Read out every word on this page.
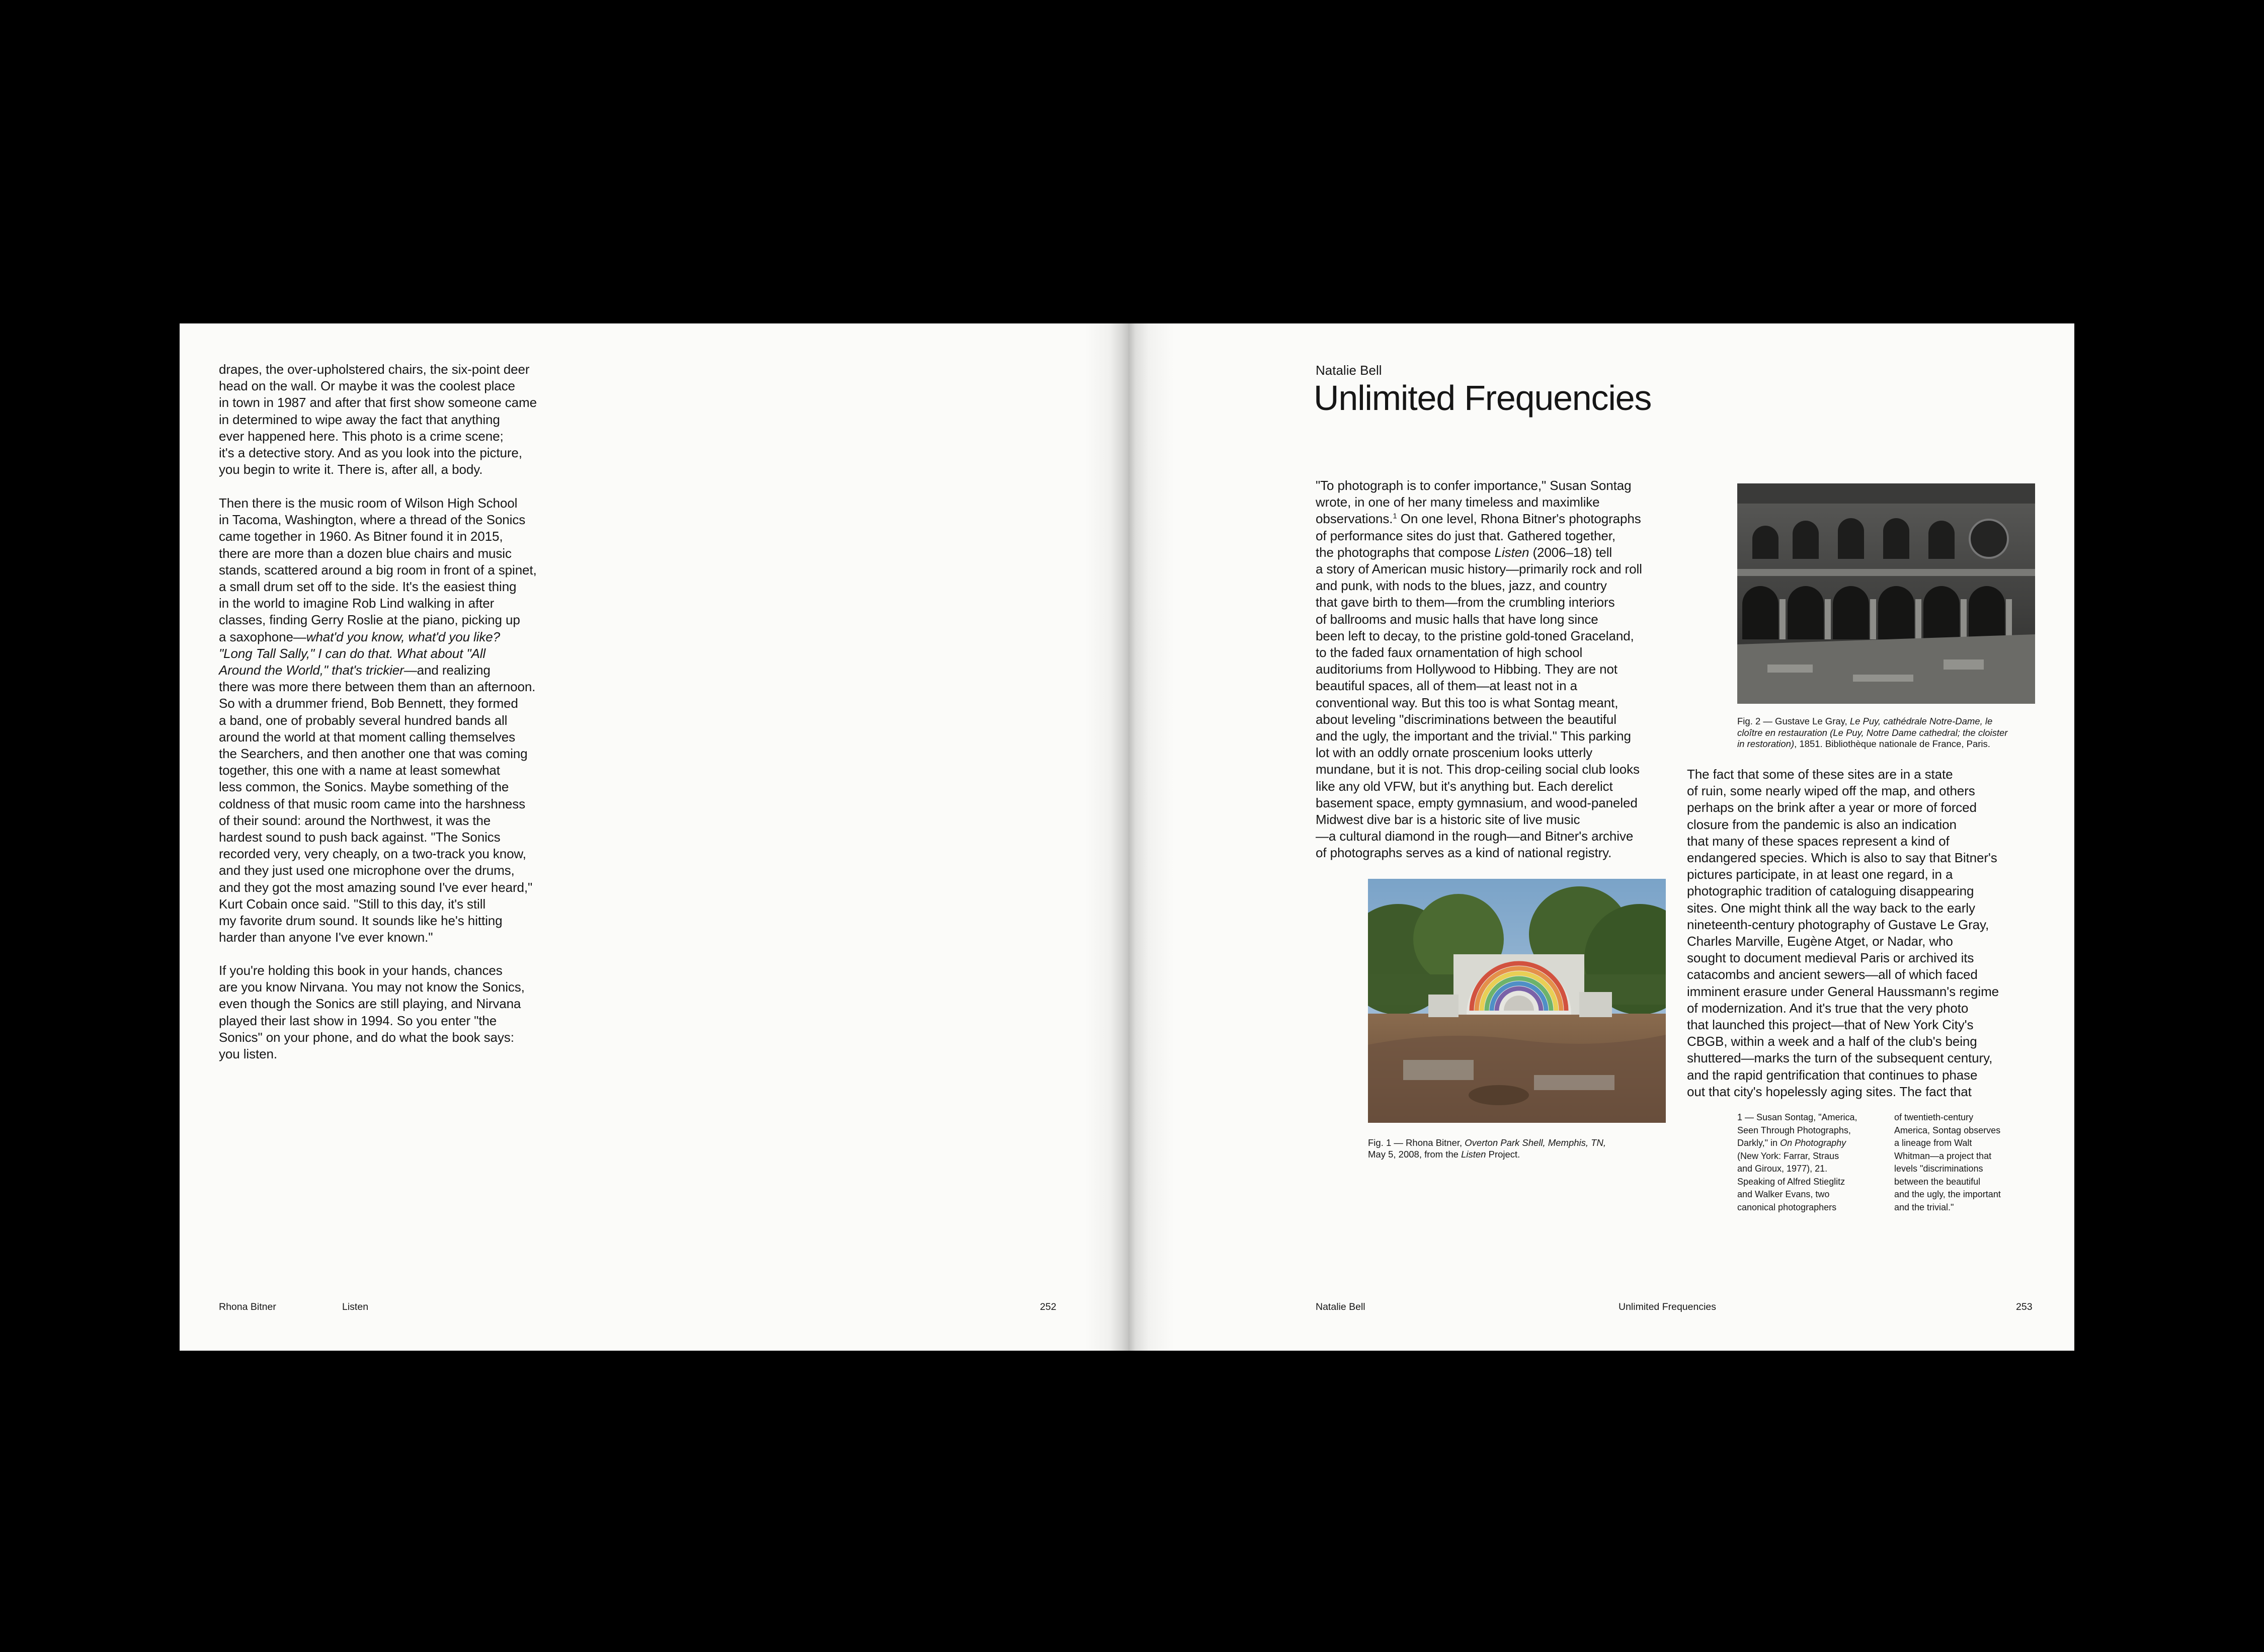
drapes, the over-upholstered chairs, the six-point deer
head on the wall. Or maybe it was the coolest place
in town in 1987 and after that first show someone came
in determined to wipe away the fact that anything
ever happened here. This photo is a crime scene;
it's a detective story. And as you look into the picture,
you begin to write it. There is, after all, a body.

Then there is the music room of Wilson High School
in Tacoma, Washington, where a thread of the Sonics
came together in 1960. As Bitner found it in 2015,
there are more than a dozen blue chairs and music
stands, scattered around a big room in front of a spinet,
a small drum set off to the side. It's the easiest thing
in the world to imagine Rob Lind walking in after
classes, finding Gerry Roslie at the piano, picking up
a saxophone—what'd you know, what'd you like?
"Long Tall Sally," I can do that. What about "All
Around the World," that's trickier—and realizing
there was more there between them than an afternoon.
So with a drummer friend, Bob Bennett, they formed
a band, one of probably several hundred bands all
around the world at that moment calling themselves
the Searchers, and then another one that was coming
together, this one with a name at least somewhat
less common, the Sonics. Maybe something of the
coldness of that music room came into the harshness
of their sound: around the Northwest, it was the
hardest sound to push back against. "The Sonics
recorded very, very cheaply, on a two-track you know,
and they just used one microphone over the drums,
and they got the most amazing sound I've ever heard,"
Kurt Cobain once said. "Still to this day, it's still
my favorite drum sound. It sounds like he's hitting
harder than anyone I've ever known."

If you're holding this book in your hands, chances
are you know Nirvana. You may not know the Sonics,
even though the Sonics are still playing, and Nirvana
played their last show in 1994. So you enter "the
Sonics" on your phone, and do what the book says:
you listen.

Rhona Bitner	Listen	252
Natalie Bell
Unlimited Frequencies

"To photograph is to confer importance," Susan Sontag
wrote, in one of her many timeless and maximlike
observations.$^1$ On one level, Rhona Bitner's photographs
of performance sites do just that. Gathered together,
the photographs that compose Listen (2006–18) tell
a story of American music history—primarily rock and roll
and punk, with nods to the blues, jazz, and country
that gave birth to them—from the crumbling interiors
of ballrooms and music halls that have long since
been left to decay, to the pristine gold-toned Graceland,
to the faded faux ornamentation of high school
auditoriums from Hollywood to Hibbing. They are not
beautiful spaces, all of them—at least not in a
conventional way. But this too is what Sontag meant,
about leveling "discriminations between the beautiful
and the ugly, the important and the trivial." This parking
lot with an oddly ornate proscenium looks utterly
mundane, but it is not. This drop-ceiling social club looks
like any old VFW, but it's anything but. Each derelict
basement space, empty gymnasium, and wood-paneled
Midwest dive bar is a historic site of live music
—a cultural diamond in the rough—and Bitner's archive
of photographs serves as a kind of national registry.

Fig. 1 — Rhona Bitner, Overton Park Shell, Memphis, TN,
May 5, 2008, from the Listen Project.

Fig. 2 — Gustave Le Gray, Le Puy, cathédrale Notre-Dame, le
cloître en restauration (Le Puy, Notre Dame cathedral; the cloister
in restoration), 1851. Bibliothèque nationale de France, Paris.

The fact that some of these sites are in a state
of ruin, some nearly wiped off the map, and others
perhaps on the brink after a year or more of forced
closure from the pandemic is also an indication
that many of these spaces represent a kind of
endangered species. Which is also to say that Bitner's
pictures participate, in at least one regard, in a
photographic tradition of cataloguing disappearing
sites. One might think all the way back to the early
nineteenth-century photography of Gustave Le Gray,
Charles Marville, Eugène Atget, or Nadar, who
sought to document medieval Paris or archived its
catacombs and ancient sewers—all of which faced
imminent erasure under General Haussmann's regime
of modernization. And it's true that the very photo
that launched this project—that of New York City's
CBGB, within a week and a half of the club's being
shuttered—marks the turn of the subsequent century,
and the rapid gentrification that continues to phase
out that city's hopelessly aging sites. The fact that

1 — Susan Sontag, "America,
Seen Through Photographs,
Darkly," in On Photography
(New York: Farrar, Straus
and Giroux, 1977), 21.
Speaking of Alfred Stieglitz
and Walker Evans, two
canonical photographers

of twentieth-century
America, Sontag observes
a lineage from Walt
Whitman—a project that
levels "discriminations
between the beautiful
and the ugly, the important
and the trivial."

Natalie Bell	Unlimited Frequencies	253
